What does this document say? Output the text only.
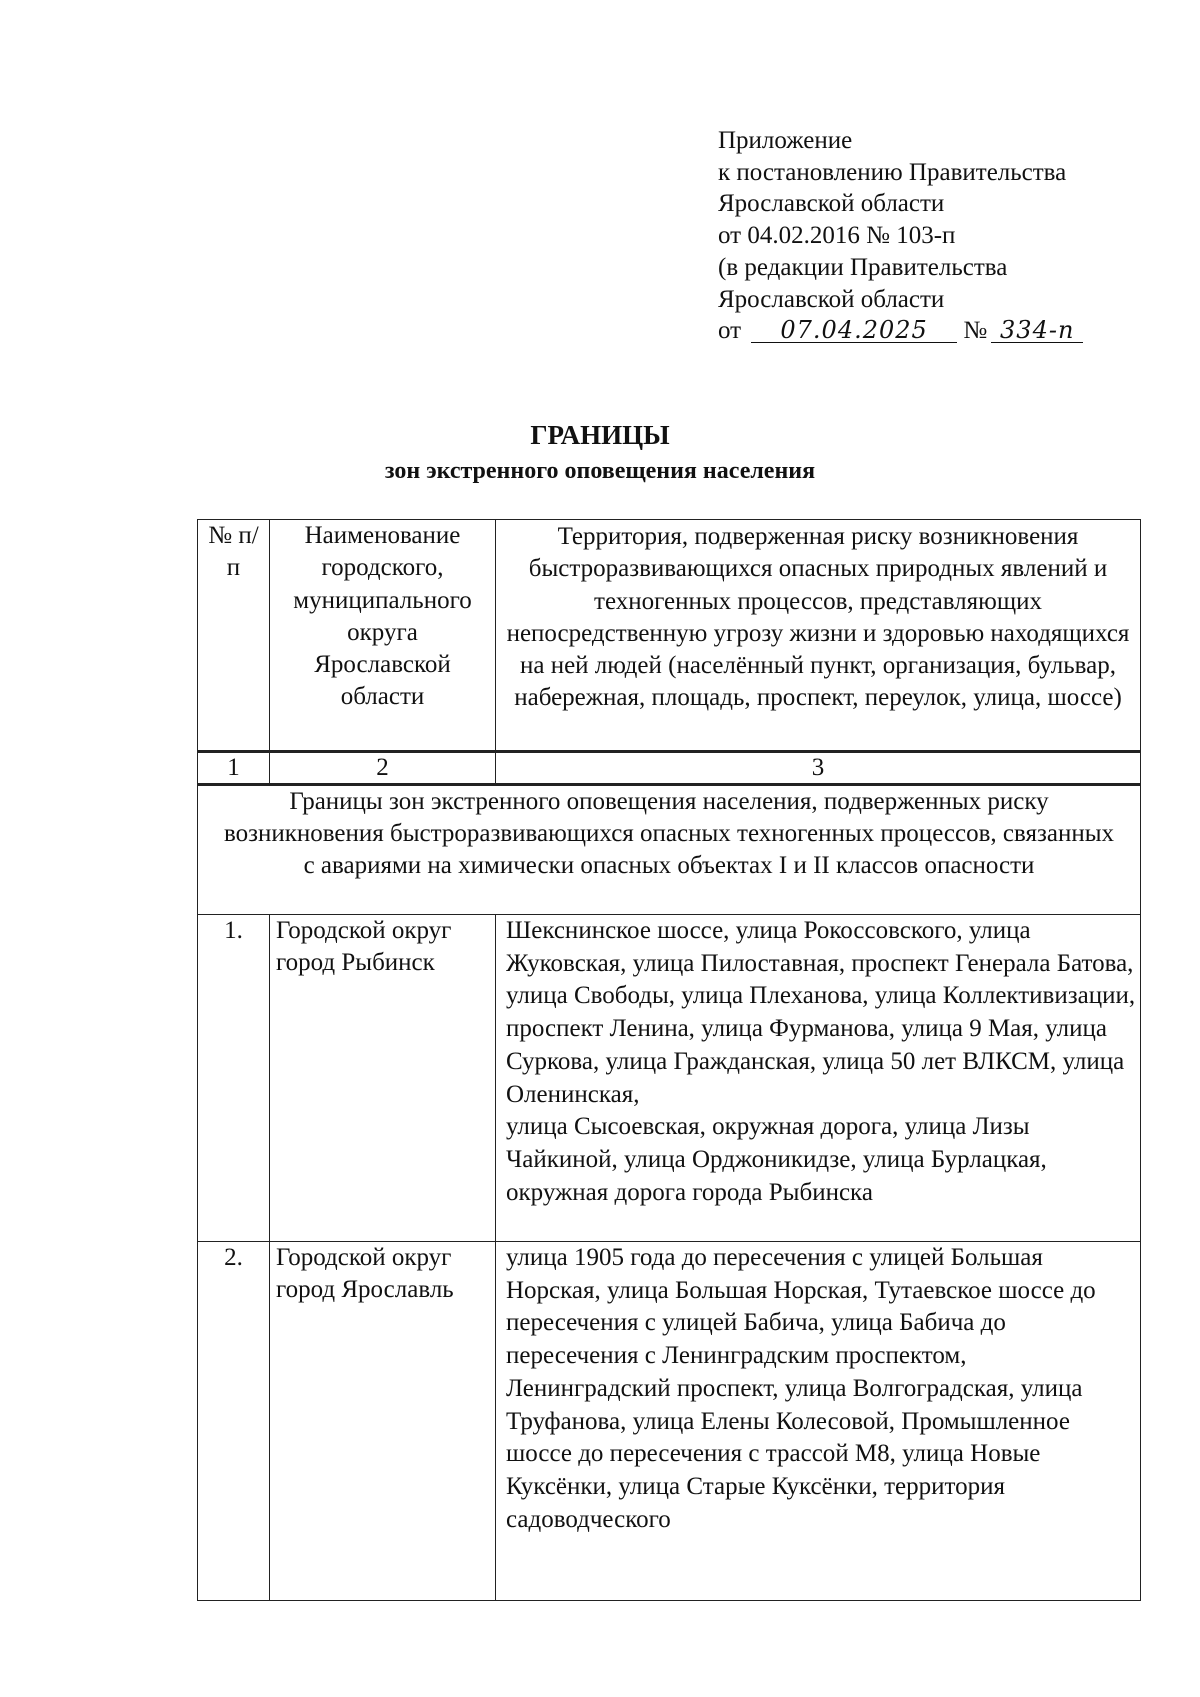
Приложение
к постановлению Правительства
Ярославской области
от 04.02.2016 № 103-п
(в редакции Правительства
Ярославской области
от 07.04.2025 № 334-п
ГРАНИЦЫ
зон экстренного оповещения населения
№ п/п	Наименование городского, муниципального округа Ярославской области	Территория, подверженная риску возникновения быстроразвивающихся опасных природных явлений и техногенных процессов, представляющих непосредственную угрозу жизни и здоровью находящихся на ней людей (населённый пункт, организация, бульвар, набережная, площадь, проспект, переулок, улица, шоссе)
1	2	3
Границы зон экстренного оповещения населения, подверженных риску возникновения быстроразвивающихся опасных техногенных процессов, связанных с авариями на химически опасных объектах I и II классов опасности		
1.	Городской округ город Рыбинск	Шекснинское шоссе, улица Рокоссовского, улица Жуковская, улица Пилоставная, проспект Генерала Батова, улица Свободы, улица Плеханова, улица Коллективизации, проспект Ленина, улица Фурманова, улица 9 Мая, улица Суркова, улица Гражданская, улица 50 лет ВЛКСМ, улица Оленинская,
улица Сысоевская, окружная дорога, улица Лизы Чайкиной, улица Орджоникидзе, улица Бурлацкая, окружная дорога города Рыбинска

2.	Городской округ город Ярославль	улица 1905 года до пересечения с улицей Большая Норская, улица Большая Норская, Тутаевское шоссе до пересечения с улицей Бабича, улица Бабича до пересечения с Ленинградским проспектом,
Ленинградский проспект, улица Волгоградская, улица Труфанова, улица Елены Колесовой, Промышленное шоссе до пересечения с трассой М8, улица Новые Куксёнки, улица Старые Куксёнки, территория садоводческого
